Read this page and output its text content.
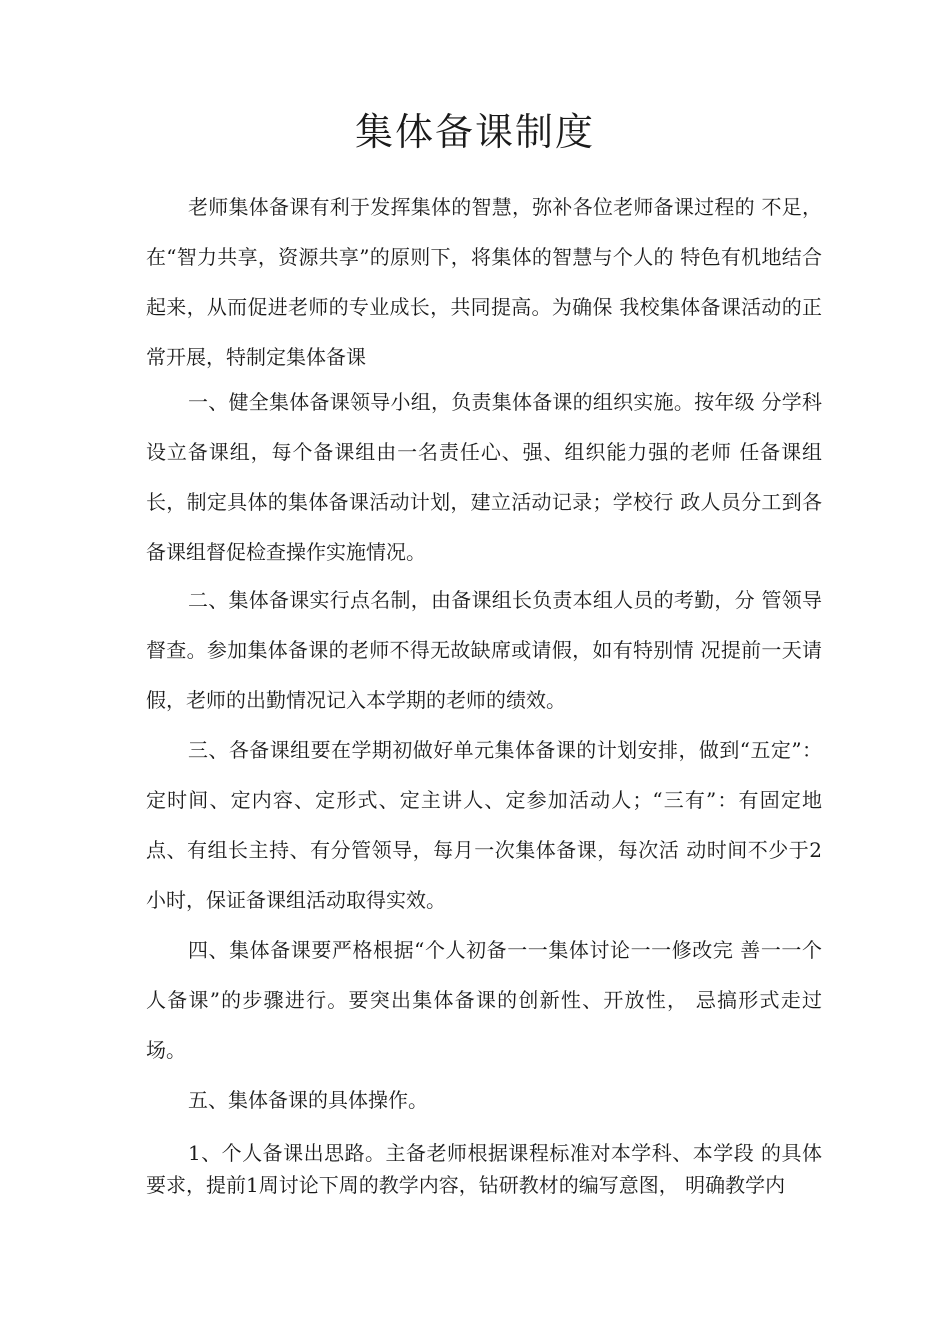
集体备课制度

老师集体备课有利于发挥集体的智慧，弥补各位老师备课过程的 不足，在“智力共享，资源共享”的原则下，将集体的智慧与个人的 特色有机地结合起来，从而促进老师的专业成长，共同提高。为确保 我校集体备课活动的正常开展，特制定集体备课

一、健全集体备课领导小组，负责集体备课的组织实施。按年级 分学科设立备课组，每个备课组由一名责任心、强、组织能力强的老师 任备课组长，制定具体的集体备课活动计划，建立活动记录；学校行 政人员分工到各备课组督促检查操作实施情况。

二、集体备课实行点名制，由备课组长负责本组人员的考勤，分 管领导督查。参加集体备课的老师不得无故缺席或请假，如有特别情 况提前一天请假，老师的出勤情况记入本学期的老师的绩效。

三、各备课组要在学期初做好单元集体备课的计划安排，做到“五定”：定时间、定内容、定形式、定主讲人、定参加活动人；“三有”：有固定地点、有组长主持、有分管领导，每月一次集体备课，每次活 动时间不少于2小时，保证备课组活动取得实效。

四、集体备课要严格根据“个人初备一一集体讨论一一修改完 善一一个人备课”的步骤进行。要突出集体备课的创新性、开放性， 忌搞形式走过场。

五、集体备课的具体操作。

1、个人备课出思路。主备老师根据课程标准对本学科、本学段 的具体要求，提前1周讨论下周的教学内容，钻研教材的编写意图， 明确教学内
